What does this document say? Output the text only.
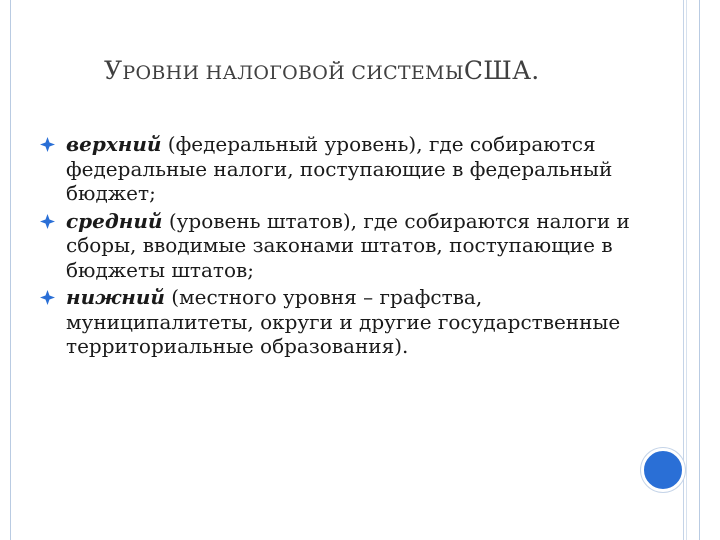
УРОВНИ НАЛОГОВОЙ СИСТЕМЫСША.
верхний (федеральный уровень), где собираются федеральные налоги, поступающие в федеральный бюджет;
средний (уровень штатов), где собираются налоги и сборы, вводимые законами штатов, поступающие в бюджеты штатов;
нижний (местного уровня – графства, муниципалитеты, округи и другие государственные территориальные образования).
